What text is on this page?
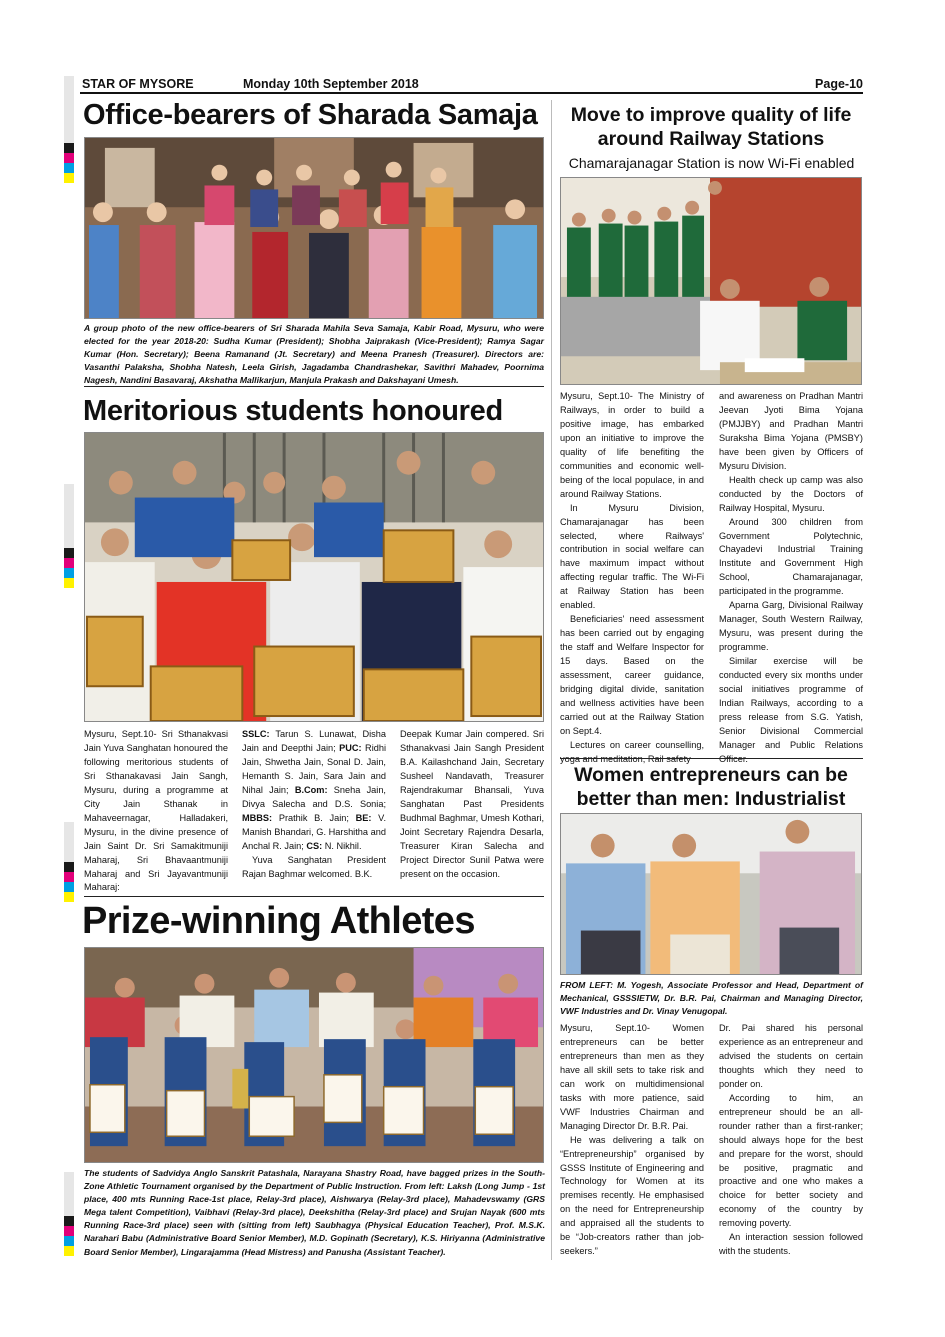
STAR OF MYSORE	Monday 10th September 2018	Page-10
Office-bearers of Sharada Samaja
A group photo of the new office-bearers of Sri Sharada Mahila Seva Samaja, Kabir Road, Mysuru, who were elected for the year 2018-20: Sudha Kumar (President); Shobha Jaiprakash (Vice-President); Ramya Sagar Kumar (Hon. Secretary); Beena Ramanand (Jt. Secretary) and Meena Pranesh (Treasurer). Directors are: Vasanthi Palaksha, Shobha Natesh, Leela Girish, Jagadamba Chandrashekar, Savithri Mahadev, Poornima Nagesh, Nandini Basavaraj, Akshatha Mallikarjun, Manjula Prakash and Dakshayani Umesh.
Meritorious students honoured

Mysuru, Sept.10- Sri Sthanakvasi Jain Yuva Sanghatan honoured the following meritorious students of Sri Sthanakavasi Jain Sangh, Mysuru, during a programme at City Jain Sthanak in Mahaveernagar, Halladakeri, Mysuru, in the divine presence of Jain Saint Dr. Sri Samakitmuniji Maharaj, Sri Bhavaantmuniji Maharaj and Sri Jayavantmuniji Maharaj:

SSLC: Tarun S. Lunawat, Disha Jain and Deepthi Jain; PUC: Ridhi Jain, Shwetha Jain, Sonal D. Jain, Hemanth S. Jain, Sara Jain and Nihal Jain; B.Com: Sneha Jain, Divya Salecha and D.S. Sonia; MBBS: Prathik B. Jain; BE: V. Manish Bhandari, G. Harshitha and Anchal R. Jain; CS: N. Nikhil.

Yuva Sanghatan President Rajan Baghmar welcomed. B.K.

Deepak Kumar Jain compered. Sri Sthanakvasi Jain Sangh President B.A. Kailashchand Jain, Secretary Susheel Nandavath, Treasurer Rajendrakumar Bhansali, Yuva Sanghatan Past Presidents Budhmal Baghmar, Umesh Kothari, Joint Secretary Rajendra Desarla, Treasurer Kiran Salecha and Project Director Sunil Patwa were present on the occasion.

Prize-winning Athletes
The students of Sadvidya Anglo Sanskrit Patashala, Narayana Shastry Road, have bagged prizes in the South-Zone Athletic Tournament organised by the Department of Public Instruction. From left: Laksh (Long Jump - 1st place, 400 mts Running Race-1st place, Relay-3rd place), Aishwarya (Relay-3rd place), Mahadevswamy (GRS Mega talent Competition), Vaibhavi (Relay-3rd place), Deekshitha (Relay-3rd place) and Srujan Nayak (600 mts Running Race-3rd place) seen with (sitting from left) Saubhagya (Physical Education Teacher), Prof. M.S.K. Narahari Babu (Administrative Board Senior Member), M.D. Gopinath (Secretary), K.S. Hiriyanna (Administrative Board Senior Member), Lingarajamma (Head Mistress) and Panusha (Assistant Teacher).
Move to improve quality of life
around Railway Stations
Chamarajanagar Station is now Wi-Fi enabled

Mysuru, Sept.10- The Ministry of Railways, in order to build a positive image, has embarked upon an initiative to improve the quality of life benefiting the communities and economic well-being of the local populace, in and around Railway Stations.

In Mysuru Division, Chamarajanagar has been selected, where Railways' contribution in social welfare can have maximum impact without affecting regular traffic. The Wi-Fi at Railway Station has been enabled.

Beneficiaries' need assessment has been carried out by engaging the staff and Welfare Inspector for 15 days. Based on the assessment, career guidance, bridging digital divide, sanitation and wellness activities have been carried out at the Railway Station on Sept.4.

Lectures on career counselling,

and awareness on Pradhan Mantri Jeevan Jyoti Bima Yojana (PMJJBY) and Pradhan Mantri Suraksha Bima Yojana (PMSBY) have been given by Officers of Mysuru Division.

Health check up camp was also conducted by the Doctors of Railway Hospital, Mysuru.

Around 300 children from Government Polytechnic, Chayadevi Industrial Training Institute and Government High School, Chamarajanagar, participated in the programme.

Aparna Garg, Divisional Railway Manager, South Western Railway, Mysuru, was present during the programme.

Similar exercise will be conducted every six months under social initiatives programme of Indian Railways, according to a press release from S.G. Yatish, Senior Divisional Commercial Manager and Public Relations

Women entrepreneurs can be
better than men: Industrialist
FROM LEFT: M. Yogesh, Associate Professor and Head, Department of Mechanical, GSSSIETW, Dr. B.R. Pai, Chairman and Managing Director, VWF Industries and Dr. Vinay Venugopal.

Mysuru, Sept.10- Women entrepreneurs can be better entrepreneurs than men as they have all skill sets to take risk and can work on multidimensional tasks with more patience, said VWF Industries Chairman and Managing Director Dr. B.R. Pai.

He was delivering a talk on “Entrepreneurship” organised by GSSS Institute of Engineering and Technology for Women at its premises recently. He emphasised on the need for Entrepreneurship and appraised all the students to be “Job-creators rather than job-seekers.”

Dr. Pai shared his personal experience as an entrepreneur and advised the students on certain thoughts which they need to ponder on.

According to him, an entrepreneur should be an all-rounder rather than a first-ranker; should always hope for the best and prepare for the worst, should be positive, pragmatic and proactive and one who makes a choice for better society and economy of the country by removing poverty.

An interaction session followed with the students.
